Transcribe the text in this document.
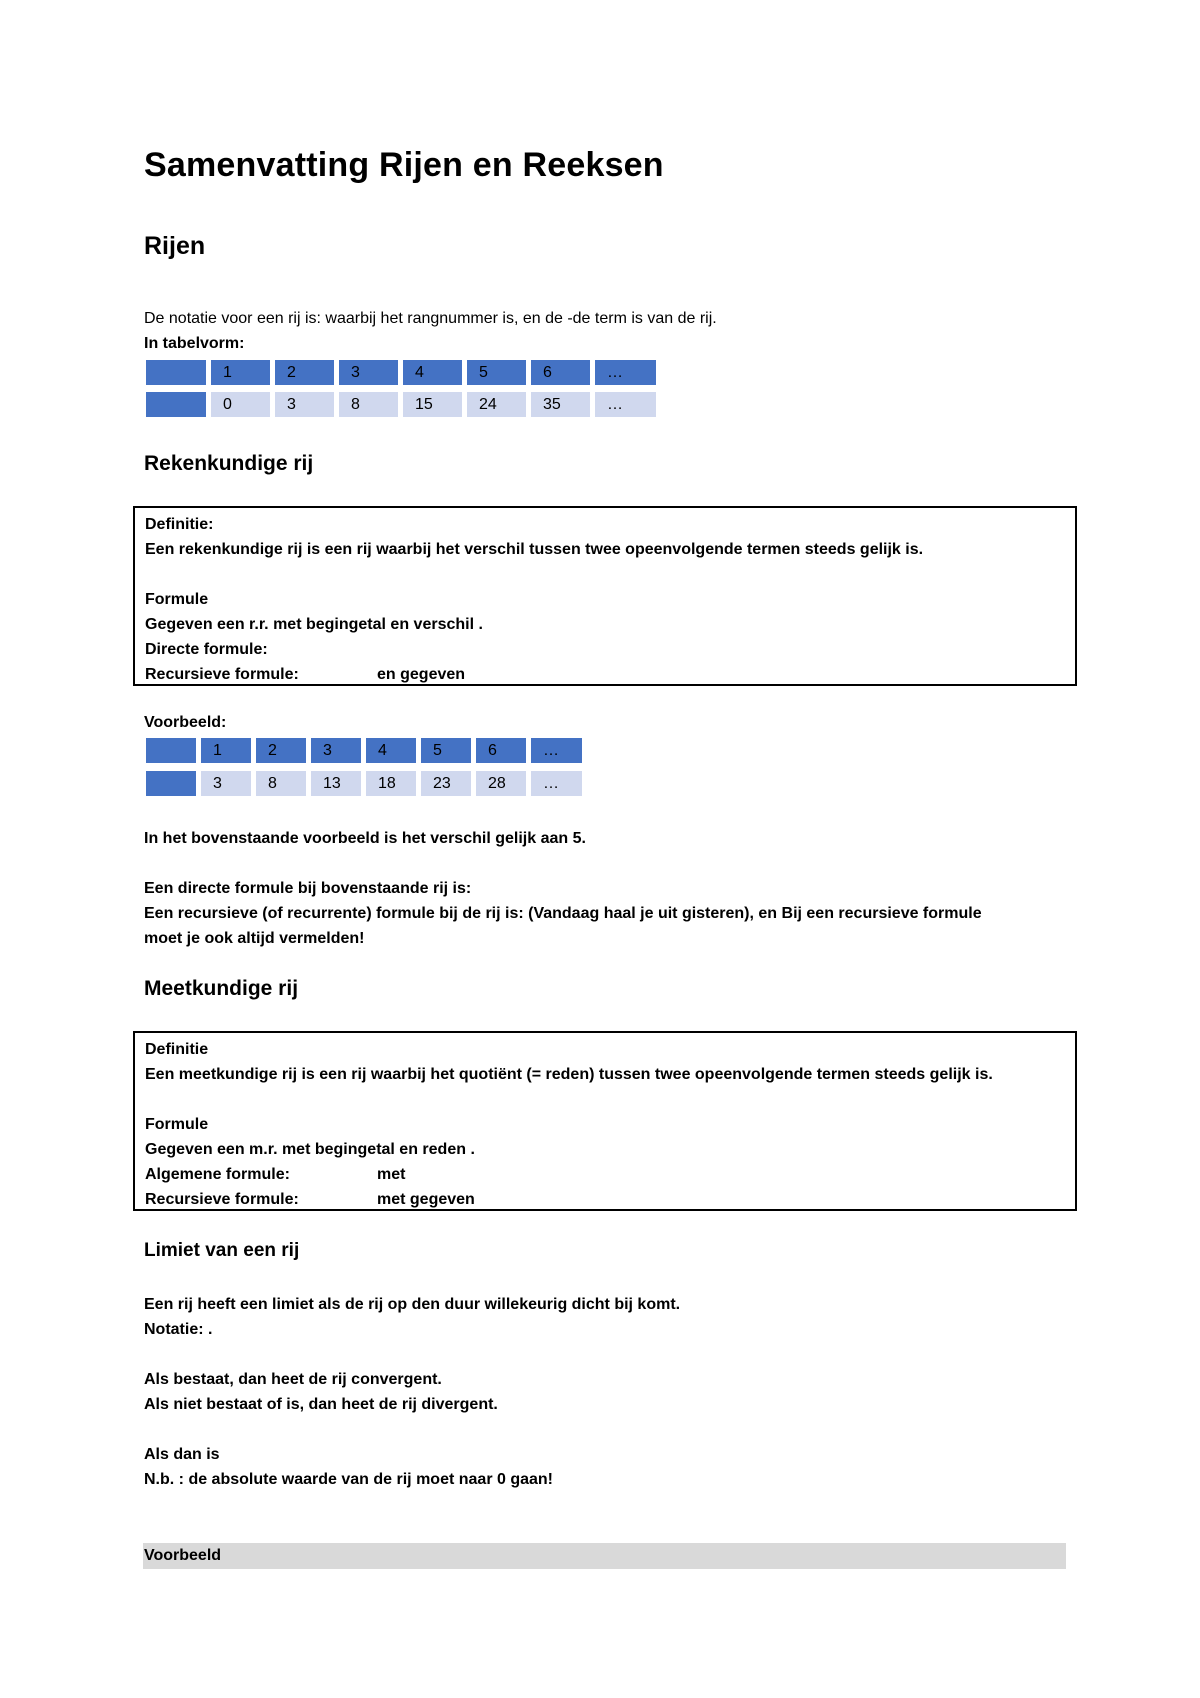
Samenvatting Rijen en Reeksen
Rijen
De notatie voor een rij is: waarbij het rangnummer is, en de -de term is van de rij.
In tabelvorm:
1	2	3	4	5	6	…
0	3	8	15	24	35	…
Rekenkundige rij
Definitie:
Een rekenkundige rij is een rij waarbij het verschil tussen twee opeenvolgende termen steeds gelijk is.

Formule
Gegeven een r.r. met begingetal en verschil .
Directe formule:
Recursieve formule:	en gegeven
Voorbeeld:
1	2	3	4	5	6	…
3	8	13	18	23	28	…
In het bovenstaande voorbeeld is het verschil gelijk aan 5.
Een directe formule bij bovenstaande rij is:
Een recursieve (of recurrente) formule bij de rij is: (Vandaag haal je uit gisteren), en Bij een recursieve formule
moet je ook altijd vermelden!
Meetkundige rij
Definitie
Een meetkundige rij is een rij waarbij het quotiënt (= reden) tussen twee opeenvolgende termen steeds gelijk is.

Formule
Gegeven een m.r. met begingetal en reden .
Algemene formule:	met
Recursieve formule:	met gegeven
Limiet van een rij
Een rij heeft een limiet als de rij op den duur willekeurig dicht bij komt.
Notatie: .
Als bestaat, dan heet de rij convergent.
Als niet bestaat of is, dan heet de rij divergent.
Als dan is
N.b. : de absolute waarde van de rij moet naar 0 gaan!
Voorbeeld
